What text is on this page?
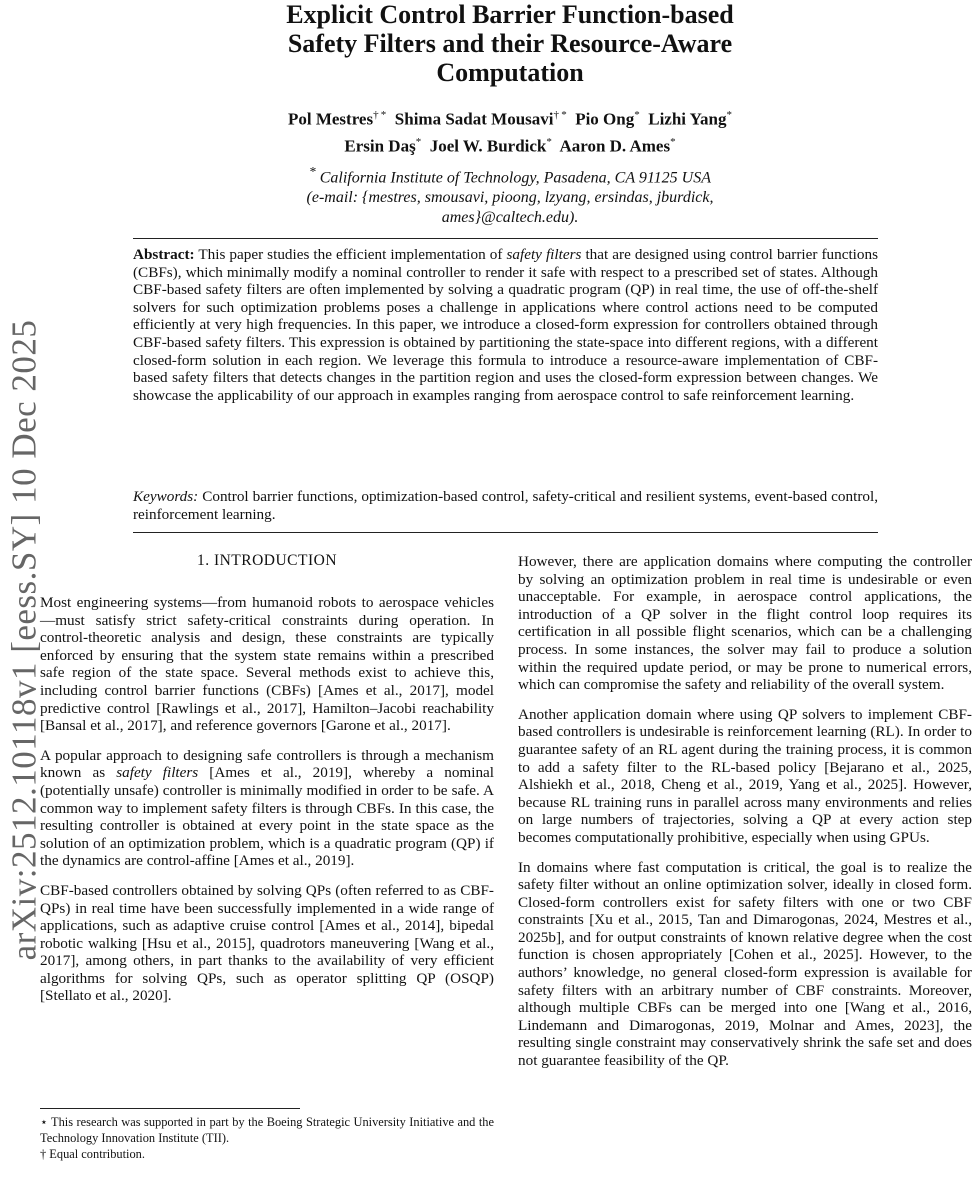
arXiv:2512.10118v1 [eess.SY] 10 Dec 2025
Explicit Control Barrier Function-based
Safety Filters and their Resource-Aware
Computation
Pol Mestres† * Shima Sadat Mousavi† * Pio Ong* Lizhi Yang*
Ersin Daş* Joel W. Burdick* Aaron D. Ames*
* California Institute of Technology, Pasadena, CA 91125 USA
(e-mail: {mestres, smousavi, pioong, lzyang, ersindas, jburdick,
ames}@caltech.edu).
Abstract: This paper studies the efficient implementation of safety filters that are designed using control barrier functions (CBFs), which minimally modify a nominal controller to render it safe with respect to a prescribed set of states. Although CBF-based safety filters are often implemented by solving a quadratic program (QP) in real time, the use of off-the-shelf solvers for such optimization problems poses a challenge in applications where control actions need to be computed efficiently at very high frequencies. In this paper, we introduce a closed-form expression for controllers obtained through CBF-based safety filters. This expression is obtained by partitioning the state-space into different regions, with a different closed-form solution in each region. We leverage this formula to introduce a resource-aware implementation of CBF-based safety filters that detects changes in the partition region and uses the closed-form expression between changes. We showcase the applicability of our approach in examples ranging from aerospace control to safe reinforcement learning.
Keywords: Control barrier functions, optimization-based control, safety-critical and resilient systems, event-based control, reinforcement learning.
1. INTRODUCTION

Most engineering systems—from humanoid robots to aerospace vehicles—must satisfy strict safety-critical constraints during operation. In control-theoretic analysis and design, these constraints are typically enforced by ensuring that the system state remains within a prescribed safe region of the state space. Several methods exist to achieve this, including control barrier functions (CBFs) [Ames et al., 2017], model predictive control [Rawlings et al., 2017], Hamilton–Jacobi reachability [Bansal et al., 2017], and reference governors [Garone et al., 2017].

A popular approach to designing safe controllers is through a mechanism known as safety filters [Ames et al., 2019], whereby a nominal (potentially unsafe) controller is minimally modified in order to be safe. A common way to implement safety filters is through CBFs. In this case, the resulting controller is obtained at every point in the state space as the solution of an optimization problem, which is a quadratic program (QP) if the dynamics are control-affine [Ames et al., 2019].

CBF-based controllers obtained by solving QPs (often referred to as CBF-QPs) in real time have been successfully implemented in a wide range of applications, such as adaptive cruise control [Ames et al., 2014], bipedal robotic walking [Hsu et al., 2015], quadrotors maneuvering [Wang et al., 2017], among others, in part thanks to the availability of very efficient algorithms for solving QPs, such as operator splitting QP (OSQP) [Stellato et al., 2020].

However, there are application domains where computing the controller by solving an optimization problem in real time is undesirable or even unacceptable. For example, in aerospace control applications, the introduction of a QP solver in the flight control loop requires its certification in all possible flight scenarios, which can be a challenging process. In some instances, the solver may fail to produce a solution within the required update period, or may be prone to numerical errors, which can compromise the safety and reliability of the overall system.

Another application domain where using QP solvers to implement CBF-based controllers is undesirable is reinforcement learning (RL). In order to guarantee safety of an RL agent during the training process, it is common to add a safety filter to the RL-based policy [Bejarano et al., 2025, Alshiekh et al., 2018, Cheng et al., 2019, Yang et al., 2025]. However, because RL training runs in parallel across many environments and relies on large numbers of trajectories, solving a QP at every action step becomes computationally prohibitive, especially when using GPUs.

In domains where fast computation is critical, the goal is to realize the safety filter without an online optimization solver, ideally in closed form. Closed-form controllers exist for safety filters with one or two CBF constraints [Xu et al., 2015, Tan and Dimarogonas, 2024, Mestres et al., 2025b], and for output constraints of known relative degree when the cost function is chosen appropriately [Cohen et al., 2025]. However, to the authors’ knowledge, no general closed-form expression is available for safety filters with an arbitrary number of CBF constraints. Moreover, although multiple CBFs can be merged into one [Wang et al., 2016, Lindemann and Dimarogonas, 2019, Molnar and Ames, 2023], the resulting single constraint may conservatively shrink the safe set and does not guarantee feasibility of the QP.

⋆ This research was supported in part by the Boeing Strategic University Initiative and the Technology Innovation Institute (TII).

† Equal contribution.
